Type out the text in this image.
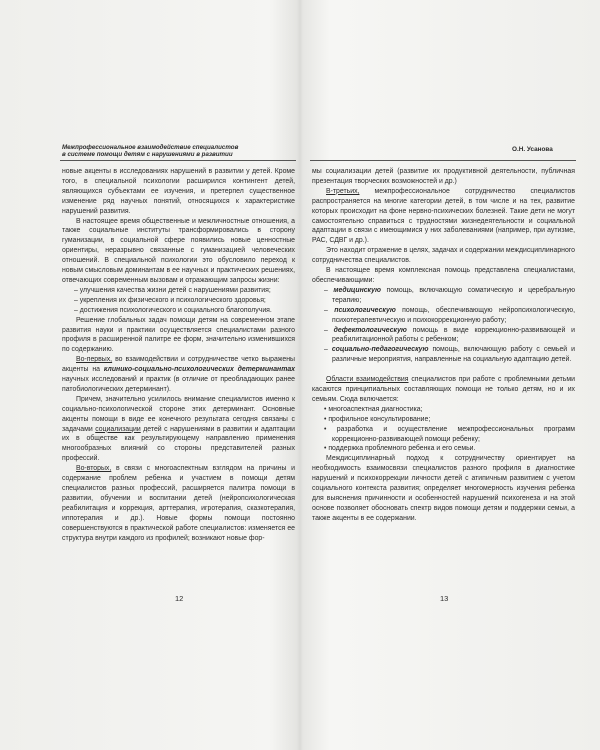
Межпрофессиональное взаимодействие специалистов
в системе помощи детям с нарушениями в развитии
О.Н. Усанова

новые акценты в исследованиях нарушений в развитии у детей. Кроме того, в специальной психологии расширился контингент детей, являющихся субъектами ее изучения, и претерпел существенное изменение ряд научных понятий, относящихся к характеристике нарушений развития.

В настоящее время общественные и межличностные отношения, а также социальные институты трансформировались в сторону гуманизации, в социальной сфере появились новые ценностные ориентиры, неразрывно связанные с гуманизацией человеческих отношений. В специальной психологии это обусловило переход к новым смысловым доминантам в ее научных и практических решениях, отвечающих современным вызовам и отражающим запросы жизни:

– улучшения качества жизни детей с нарушениями развития;
– укрепления их физического и психологического здоровья;
– достижения психологического и социального благополучия.

Решение глобальных задач помощи детям на современном этапе развития науки и практики осуществляется специалистами разного профиля в расширенной палитре ее форм, значительно изменившихся по содержанию.

Во-первых, во взаимодействии и сотрудничестве четко выражены акценты на клинико-социально-психологических детерминантах научных исследований и практик (в отличие от преобладающих ранее патобиологических детерминант).

Причем, значительно усилилось внимание специалистов именно к социально-психологической стороне этих детерминант. Основные акценты помощи в виде ее конечного результата сегодня связаны с задачами социализации детей с нарушениями в развитии и адаптации их в обществе как результирующему направлению применения многообразных влияний со стороны представителей разных профессий.

Во-вторых, в связи с многоаспектным взглядом на причины и содержание проблем ребенка и участием в помощи детям специалистов разных профессий, расширяется палитра помощи в развитии, обучении и воспитании детей (нейропсихологическая реабилитация и коррекция, арттерапия, игротерапия, сказкотерапия, иппотерапия и др.). Новые формы помощи постоянно совершенствуются в практической работе специалистов: изменяется ее структура внутри каждого из профилей; возникают новые фор-

12

мы социализации детей (развитие их продуктивной деятельности, публичная презентация творческих возможностей и др.)

В-третьих, межпрофессиональное сотрудничество специалистов распространяется на многие категории детей, в том числе и на тех, развитие которых происходит на фоне нервно-психических болезней. Такие дети не могут самостоятельно справиться с трудностями жизнедеятельности и социальной адаптации в связи с имеющимися у них заболеваниями (например, при аутизме, РАС, СДВГ и др.).

Это находит отражение в целях, задачах и содержании междисциплинарного сотрудничества специалистов.

В настоящее время комплексная помощь представлена специалистами, обеспечивающими:

– медицинскую помощь, включающую соматическую и церебральную терапию;
– психологическую помощь, обеспечивающую нейропсихологическую, психотерапевтическую и психокоррекционную работу;
– дефектологическую помощь в виде коррекционно-развивающей и реабилитационной работы с ребенком;
– социально-педагогическую помощь, включающую работу с семьей и различные мероприятия, направленные на социальную адаптацию детей.

Области взаимодействия специалистов при работе с проблемными детьми касаются принципиальных составляющих помощи не только детям, но и их семьям. Сюда включается:

• многоаспектная диагностика;
• профильное консультирование;
• разработка и осуществление межпрофессиональных программ коррекционно-развивающей помощи ребенку;
• поддержка проблемного ребенка и его семьи.

Междисциплинарный подход к сотрудничеству ориентирует на необходимость взаимосвязи специалистов разного профиля в диагностике нарушений и психокоррекции личности детей с атипичным развитием с учетом социального контекста развития; определяет многомерность изучения ребенка для выяснения причинности и особенностей нарушений психогенеза и на этой основе позволяет обосновать спектр видов помощи детям и поддержки семьи, а также акценты в ее содержании.

13
